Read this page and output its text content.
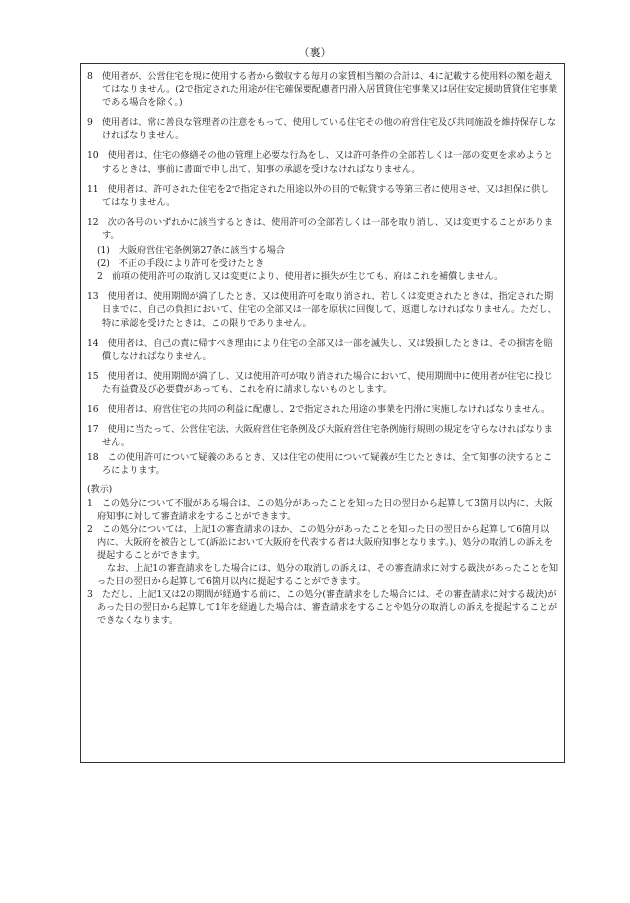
（裏）

8　使用者が、公営住宅を現に使用する者から徴収する毎月の家賃相当額の合計は、4に記載する使用料の額を超えてはなりません。(2で指定された用途が住宅確保要配慮者円滑入居賃貸住宅事業又は居住安定援助賃貸住宅事業である場合を除く。)

9　使用者は、常に善良な管理者の注意をもって、使用している住宅その他の府営住宅及び共同施設を維持保存しなければなりません。

10　使用者は、住宅の修繕その他の管理上必要な行為をし、又は許可条件の全部若しくは一部の変更を求めようとするときは、事前に書面で申し出て、知事の承認を受けなければなりません。

11　使用者は、許可された住宅を2で指定された用途以外の目的で転貸する等第三者に使用させ、又は担保に供してはなりません。

12　次の各号のいずれかに該当するときは、使用許可の全部若しくは一部を取り消し、又は変更することがあります。

(1)　大阪府営住宅条例第27条に該当する場合

(2)　不正の手段により許可を受けたとき

2　前項の使用許可の取消し又は変更により、使用者に損失が生じても、府はこれを補償しません。

13　使用者は、使用期間が満了したとき、又は使用許可を取り消され、若しくは変更されたときは、指定された期日までに、自己の負担において、住宅の全部又は一部を原状に回復して、返還しなければなりません。ただし、特に承認を受けたときは、この限りでありません。

14　使用者は、自己の責に帰すべき理由により住宅の全部又は一部を滅失し、又は毀損したときは、その損害を賠償しなければなりません。

15　使用者は、使用期間が満了し、又は使用許可が取り消された場合において、使用期間中に使用者が住宅に投じた有益費及び必要費があっても、これを府に請求しないものとします。

16　使用者は、府営住宅の共同の利益に配慮し、2で指定された用途の事業を円滑に実施しなければなりません。

17　使用に当たって、公営住宅法、大阪府営住宅条例及び大阪府営住宅条例施行規則の規定を守らなければなりません。

18　この使用許可について疑義のあるとき、又は住宅の使用について疑義が生じたときは、全て知事の決するところによります。

(教示)

1　この処分について不服がある場合は、この処分があったことを知った日の翌日から起算して3箇月以内に、大阪府知事に対して審査請求をすることができます。

2　この処分については、上記1の審査請求のほか、この処分があったことを知った日の翌日から起算して6箇月以内に、大阪府を被告として(訴訟において大阪府を代表する者は大阪府知事となります。)、処分の取消しの訴えを提起することができます。

なお、上記1の審査請求をした場合には、処分の取消しの訴えは、その審査請求に対する裁決があったことを知った日の翌日から起算して6箇月以内に提起することができます。

3　ただし、上記1又は2の期間が経過する前に、この処分(審査請求をした場合には、その審査請求に対する裁決)があった日の翌日から起算して1年を経過した場合は、審査請求をすることや処分の取消しの訴えを提起することができなくなります。
